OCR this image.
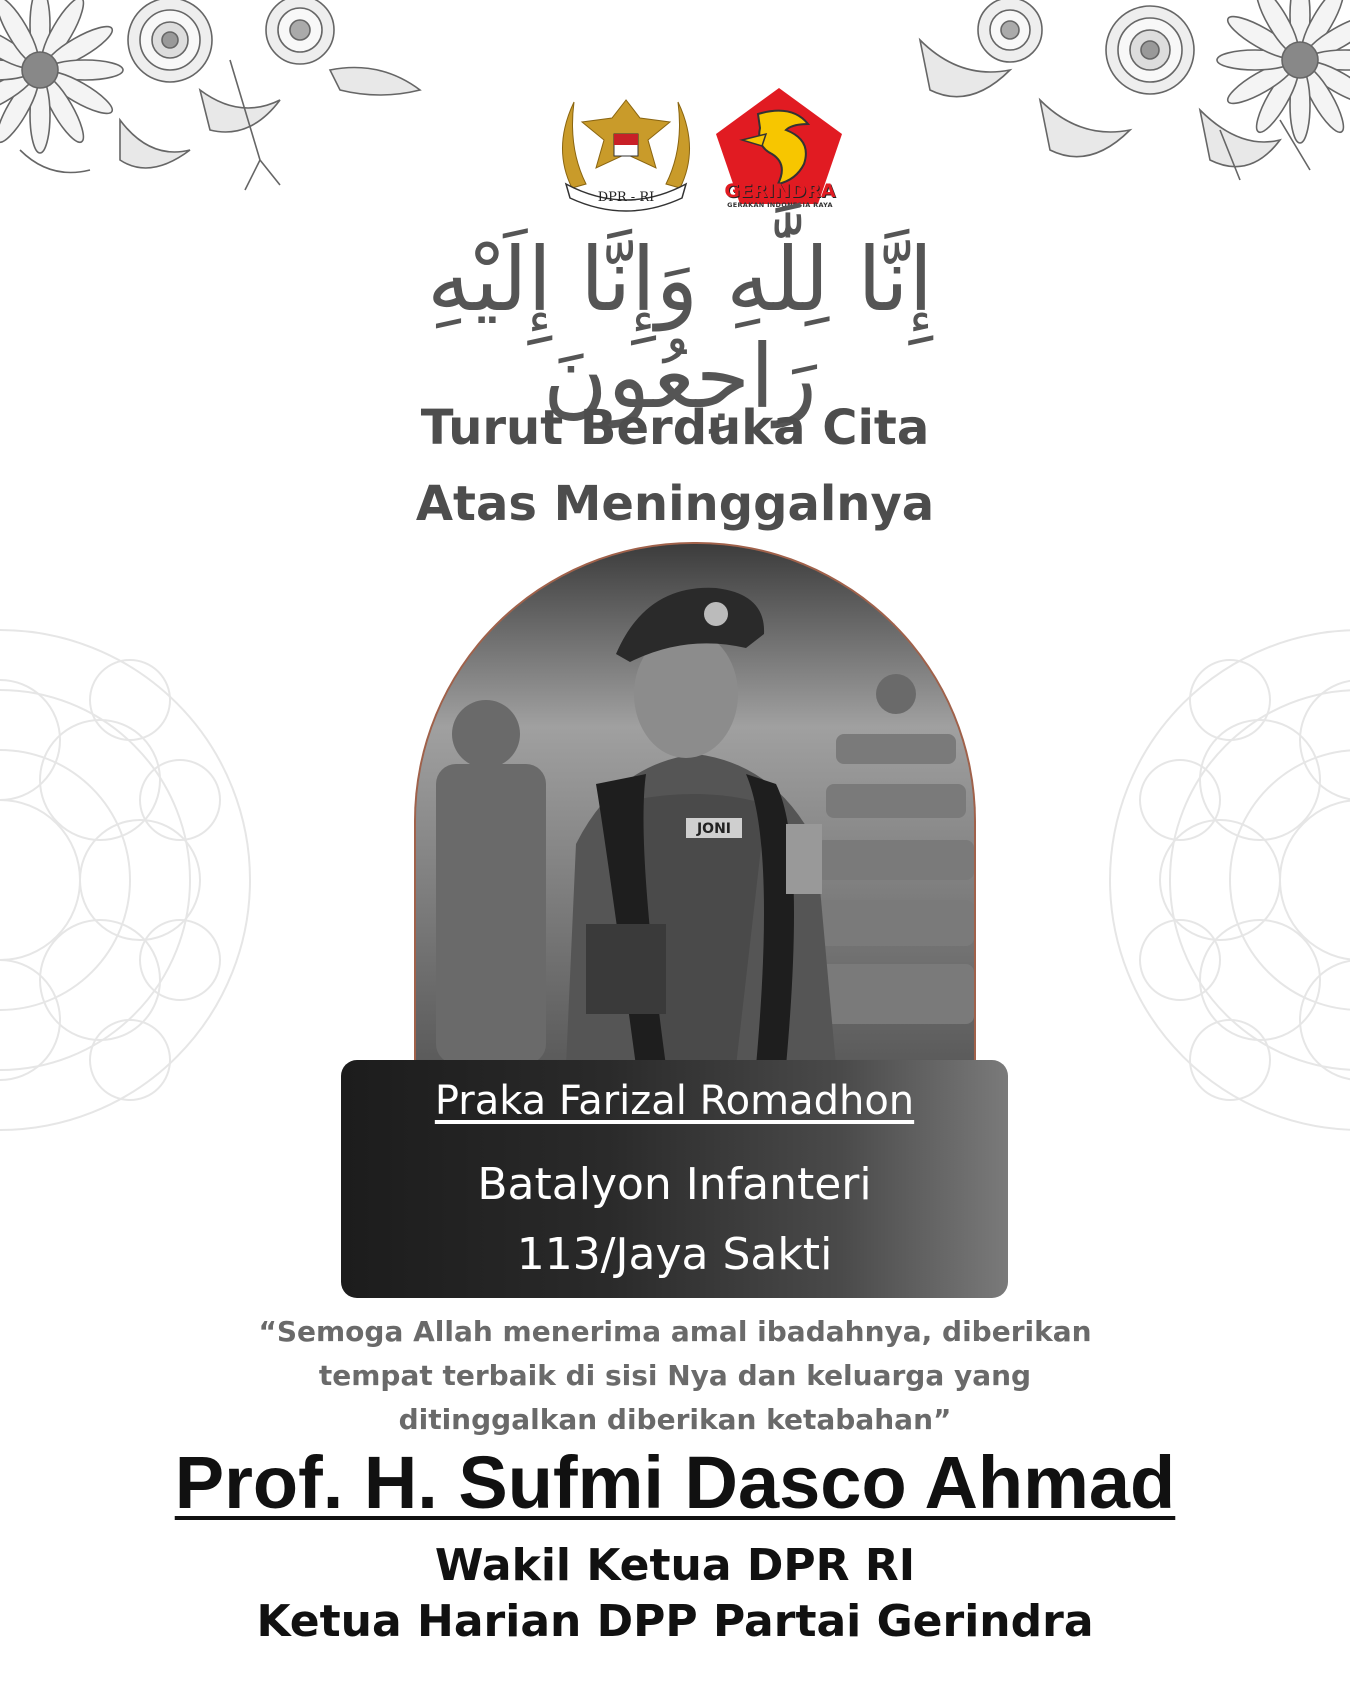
DPR - RI	GERINDRA
GERAKAN INDONESIA RAYA
إِنَّا لِلَّٰهِ وَإِنَّا إِلَيْهِ رَاجِعُونَ
Turut Berduka Cita
Atas Meninggalnya
JONI
Praka Farizal Romadhon
Batalyon Infanteri
113/Jaya Sakti
“Semoga Allah menerima amal ibadahnya, diberikan
tempat terbaik di sisi Nya dan keluarga yang
ditinggalkan diberikan ketabahan”
Prof. H. Sufmi Dasco Ahmad
Wakil Ketua DPR RI
Ketua Harian DPP Partai Gerindra
